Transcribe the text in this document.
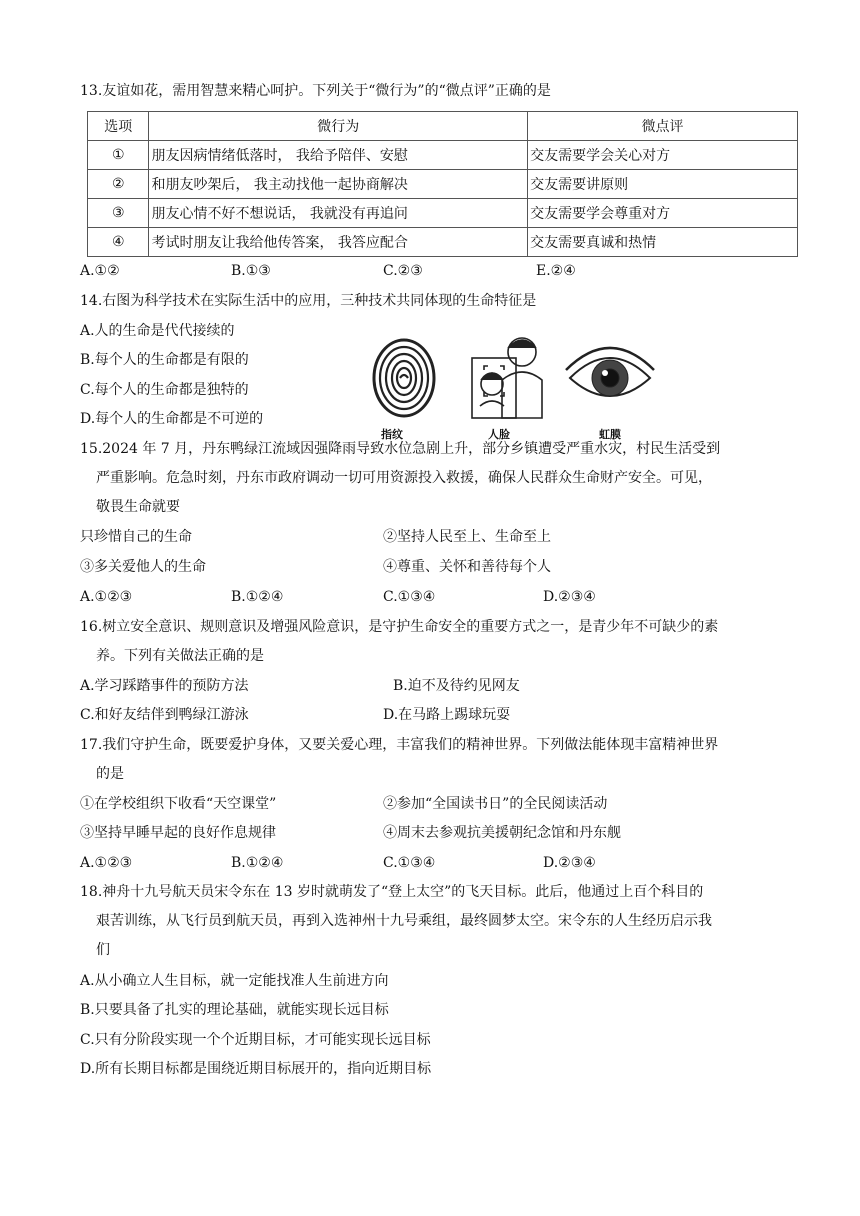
13.友谊如花，需用智慧来精心呵护。下列关于“微行为”的“微点评”正确的是
选项	微行为	微点评
①	朋友因病情绪低落时， 我给予陪伴、安慰	交友需要学会关心对方
②	和朋友吵架后， 我主动找他一起协商解决	交友需要讲原则
③	朋友心情不好不想说话， 我就没有再追问	交友需要学会尊重对方
④	考试时朋友让我给他传答案， 我答应配合	交友需要真诚和热情
A.①②	B.①③	C.②③	E.②④
14.右图为科学技术在实际生活中的应用，三种技术共同体现的生命特征是
A.人的生命是代代接续的
B.每个人的生命都是有限的
C.每个人的生命都是独特的
D.每个人的生命都是不可逆的
指纹	人脸	虹膜
15.2024 年 7 月，丹东鸭绿江流域因强降雨导致水位急剧上升，部分乡镇遭受严重水灾，村民生活受到
严重影响。危急时刻，丹东市政府调动一切可用资源投入救援，确保人民群众生命财产安全。可见，
敬畏生命就要
只珍惜自己的生命	②坚持人民至上、生命至上
③多关爱他人的生命	④尊重、关怀和善待每个人
A.①②③	B.①②④	C.①③④	D.②③④
16.树立安全意识、规则意识及增强风险意识，是守护生命安全的重要方式之一，是青少年不可缺少的素
养。下列有关做法正确的是
A.学习踩踏事件的预防方法	B.迫不及待约见网友
C.和好友结伴到鸭绿江游泳	D.在马路上踢球玩耍
17.我们守护生命，既要爱护身体，又要关爱心理，丰富我们的精神世界。下列做法能体现丰富精神世界
的是
①在学校组织下收看“天空课堂”	②参加“全国读书日”的全民阅读活动
③坚持早睡早起的良好作息规律	④周末去参观抗美援朝纪念馆和丹东舰
A.①②③	B.①②④	C.①③④	D.②③④
18.神舟十九号航天员宋令东在 13 岁时就萌发了“登上太空”的飞天目标。此后，他通过上百个科目的
艰苦训练，从飞行员到航天员，再到入选神州十九号乘组，最终圆梦太空。宋令东的人生经历启示我
们
A.从小确立人生目标，就一定能找准人生前进方向
B.只要具备了扎实的理论基础，就能实现长远目标
C.只有分阶段实现一个个近期目标，才可能实现长远目标
D.所有长期目标都是围绕近期目标展开的，指向近期目标
